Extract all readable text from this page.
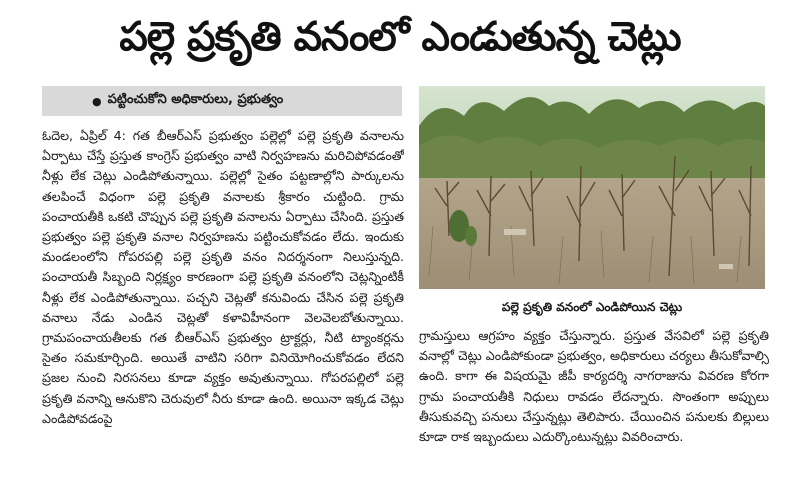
పల్లె ప్రకృతి వనంలో ఎండుతున్న చెట్లు
● పట్టించుకోని అధికారులు, ప్రభుత్వం

ఓదెల, ఏప్రిల్ 4: గత బీఆర్ఎస్ ప్రభుత్వం పల్లెల్లో పల్లె ప్రకృతి వనాలను ఏర్పాటు చేస్తే ప్రస్తుత కాంగ్రెస్ ప్రభుత్వం వాటి నిర్వహణను మరిచిపోవడంతో నీళ్లు లేక చెట్లు ఎండిపోతున్నాయి. పల్లెల్లో సైతం పట్టణాల్లోని పార్కులను తలపించే విధంగా పల్లె ప్రకృతి వనాలకు శ్రీకారం చుట్టింది. గ్రామ పంచాయతీకి ఒకటి చొప్పున పల్లె ప్రకృతి వనాలను ఏర్పాటు చేసింది. ప్రస్తుత ప్రభుత్వం పల్లె ప్రకృతి వనాల నిర్వహణను పట్టించుకోవడం లేదు. ఇందుకు మండలంలోని గోపరపల్లి పల్లె ప్రకృతి వనం నిదర్శనంగా నిలుస్తున్నది. పంచాయతీ సిబ్బంది నిర్లక్ష్యం కారణంగా పల్లె ప్రకృతి వనంలోని చెట్లన్నింటికీ నీళ్లు లేక ఎండిపోతున్నాయి. పచ్చని చెట్లతో కనువిందు చేసిన పల్లె ప్రకృతి వనాలు నేడు ఎండిన చెట్లతో కళావిహీనంగా వెలవెలబోతున్నాయి. గ్రామపంచాయతీలకు గత బీఆర్ఎస్ ప్రభుత్వం ట్రాక్టర్లు, నీటి ట్యాంకర్లను సైతం సమకూర్చింది. అయితే వాటిని సరిగా వినియోగించుకోవడం లేదని ప్రజల నుంచి నిరసనలు కూడా వ్యక్తం అవుతున్నాయి. గోపరపల్లిలో పల్లె ప్రకృతి వనాన్ని ఆనుకొని చెరువులో నీరు కూడా ఉంది. అయినా ఇక్కడ చెట్లు ఎండిపోవడంపై

పల్లె ప్రకృతి వనంలో ఎండిపోయిన చెట్లు

గ్రామస్తులు ఆగ్రహం వ్యక్తం చేస్తున్నారు. ప్రస్తుత వేసవిలో పల్లె ప్రకృతి వనాల్లో చెట్లు ఎండిపోకుండా ప్రభుత్వం, అధికారులు చర్యలు తీసుకోవాల్సి ఉంది. కాగా ఈ విషయమై జీపీ కార్యదర్శి నాగరాజును వివరణ కోరగా గ్రామ పంచాయతీకి నిధులు రావడం లేదన్నారు. సొంతంగా అప్పులు తీసుకువచ్చి పనులు చేస్తున్నట్లు తెలిపారు. చేయించిన పనులకు బిల్లులు కూడా రాక ఇబ్బందులు ఎదుర్కొంటున్నట్లు వివరించారు.
